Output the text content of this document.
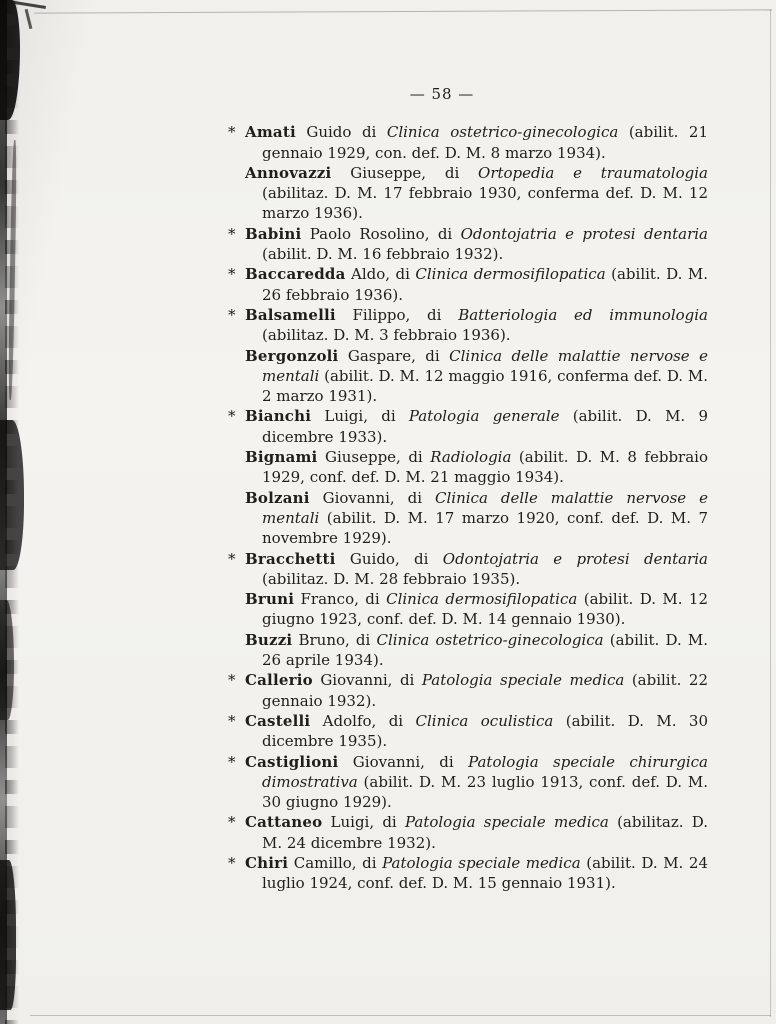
— 58 —
* Amati Guido di Clinica ostetrico-ginecologica (abilit. 21 gennaio 1929, con. def. D. M. 8 marzo 1934).
Annovazzi Giuseppe, di Ortopedia e traumatologia (abilitaz. D. M. 17 febbraio 1930, conferma def. D. M. 12 marzo 1936).
* Babini Paolo Rosolino, di Odontojatria e protesi dentaria (abilit. D. M. 16 febbraio 1932).
* Baccaredda Aldo, di Clinica dermosifilopatica (abilit. D. M. 26 febbraio 1936).
* Balsamelli Filippo, di Batteriologia ed immunologia (abilitaz. D. M. 3 febbraio 1936).
Bergonzoli Gaspare, di Clinica delle malattie nervose e mentali (abilit. D. M. 12 maggio 1916, conferma def. D. M. 2 marzo 1931).
* Bianchi Luigi, di Patologia generale (abilit. D. M. 9 dicembre 1933).
Bignami Giuseppe, di Radiologia (abilit. D. M. 8 febbraio 1929, conf. def. D. M. 21 maggio 1934).
Bolzani Giovanni, di Clinica delle malattie nervose e mentali (abilit. D. M. 17 marzo 1920, conf. def. D. M. 7 novembre 1929).
* Bracchetti Guido, di Odontojatria e protesi dentaria (abilitaz. D. M. 28 febbraio 1935).
Bruni Franco, di Clinica dermosifilopatica (abilit. D. M. 12 giugno 1923, conf. def. D. M. 14 gennaio 1930).
Buzzi Bruno, di Clinica ostetrico-ginecologica (abilit. D. M. 26 aprile 1934).
* Callerio Giovanni, di Patologia speciale medica (abilit. 22 gennaio 1932).
* Castelli Adolfo, di Clinica oculistica (abilit. D. M. 30 dicembre 1935).
* Castiglioni Giovanni, di Patologia speciale chirurgica dimostrativa (abilit. D. M. 23 luglio 1913, conf. def. D. M. 30 giugno 1929).
* Cattaneo Luigi, di Patologia speciale medica (abilitaz. D. M. 24 dicembre 1932).
* Chiri Camillo, di Patologia speciale medica (abilit. D. M. 24 luglio 1924, conf. def. D. M. 15 gennaio 1931).
